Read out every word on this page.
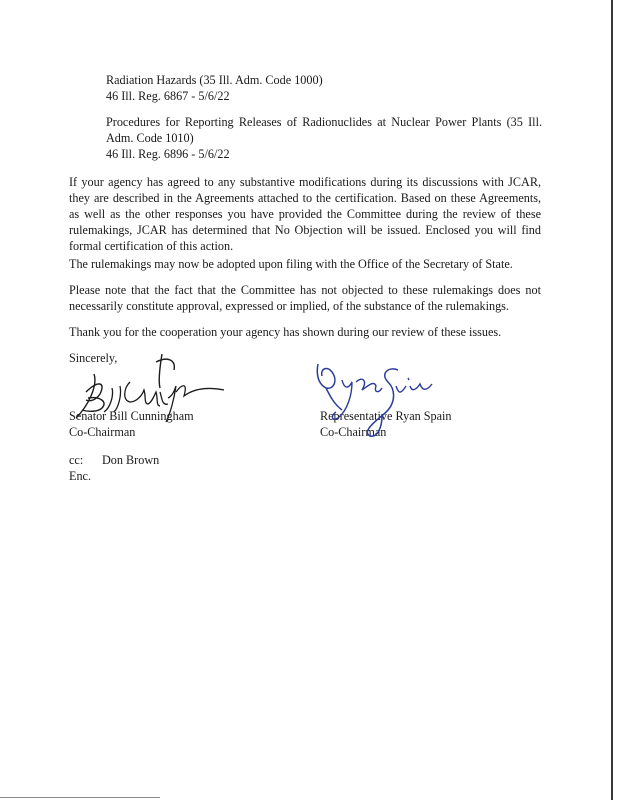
Radiation Hazards (35 Ill. Adm. Code 1000)
46 Ill. Reg. 6867 - 5/6/22
Procedures for Reporting Releases of Radionuclides at Nuclear Power Plants (35 Ill.
Adm. Code 1010)
46 Ill. Reg. 6896 - 5/6/22
If your agency has agreed to any substantive modifications during its discussions with JCAR,
they are described in the Agreements attached to the certification. Based on these Agreements,
as well as the other responses you have provided the Committee during the review of these
rulemakings, JCAR has determined that No Objection will be issued. Enclosed you will find
formal certification of this action.
The rulemakings may now be adopted upon filing with the Office of the Secretary of State.
Please note that the fact that the Committee has not objected to these rulemakings does not
necessarily constitute approval, expressed or implied, of the substance of the rulemakings.
Thank you for the cooperation your agency has shown during our review of these issues.
Sincerely,
Senator Bill Cunningham
Co-Chairman
Representative Ryan Spain
Co-Chairman
cc: Don Brown
Enc.
